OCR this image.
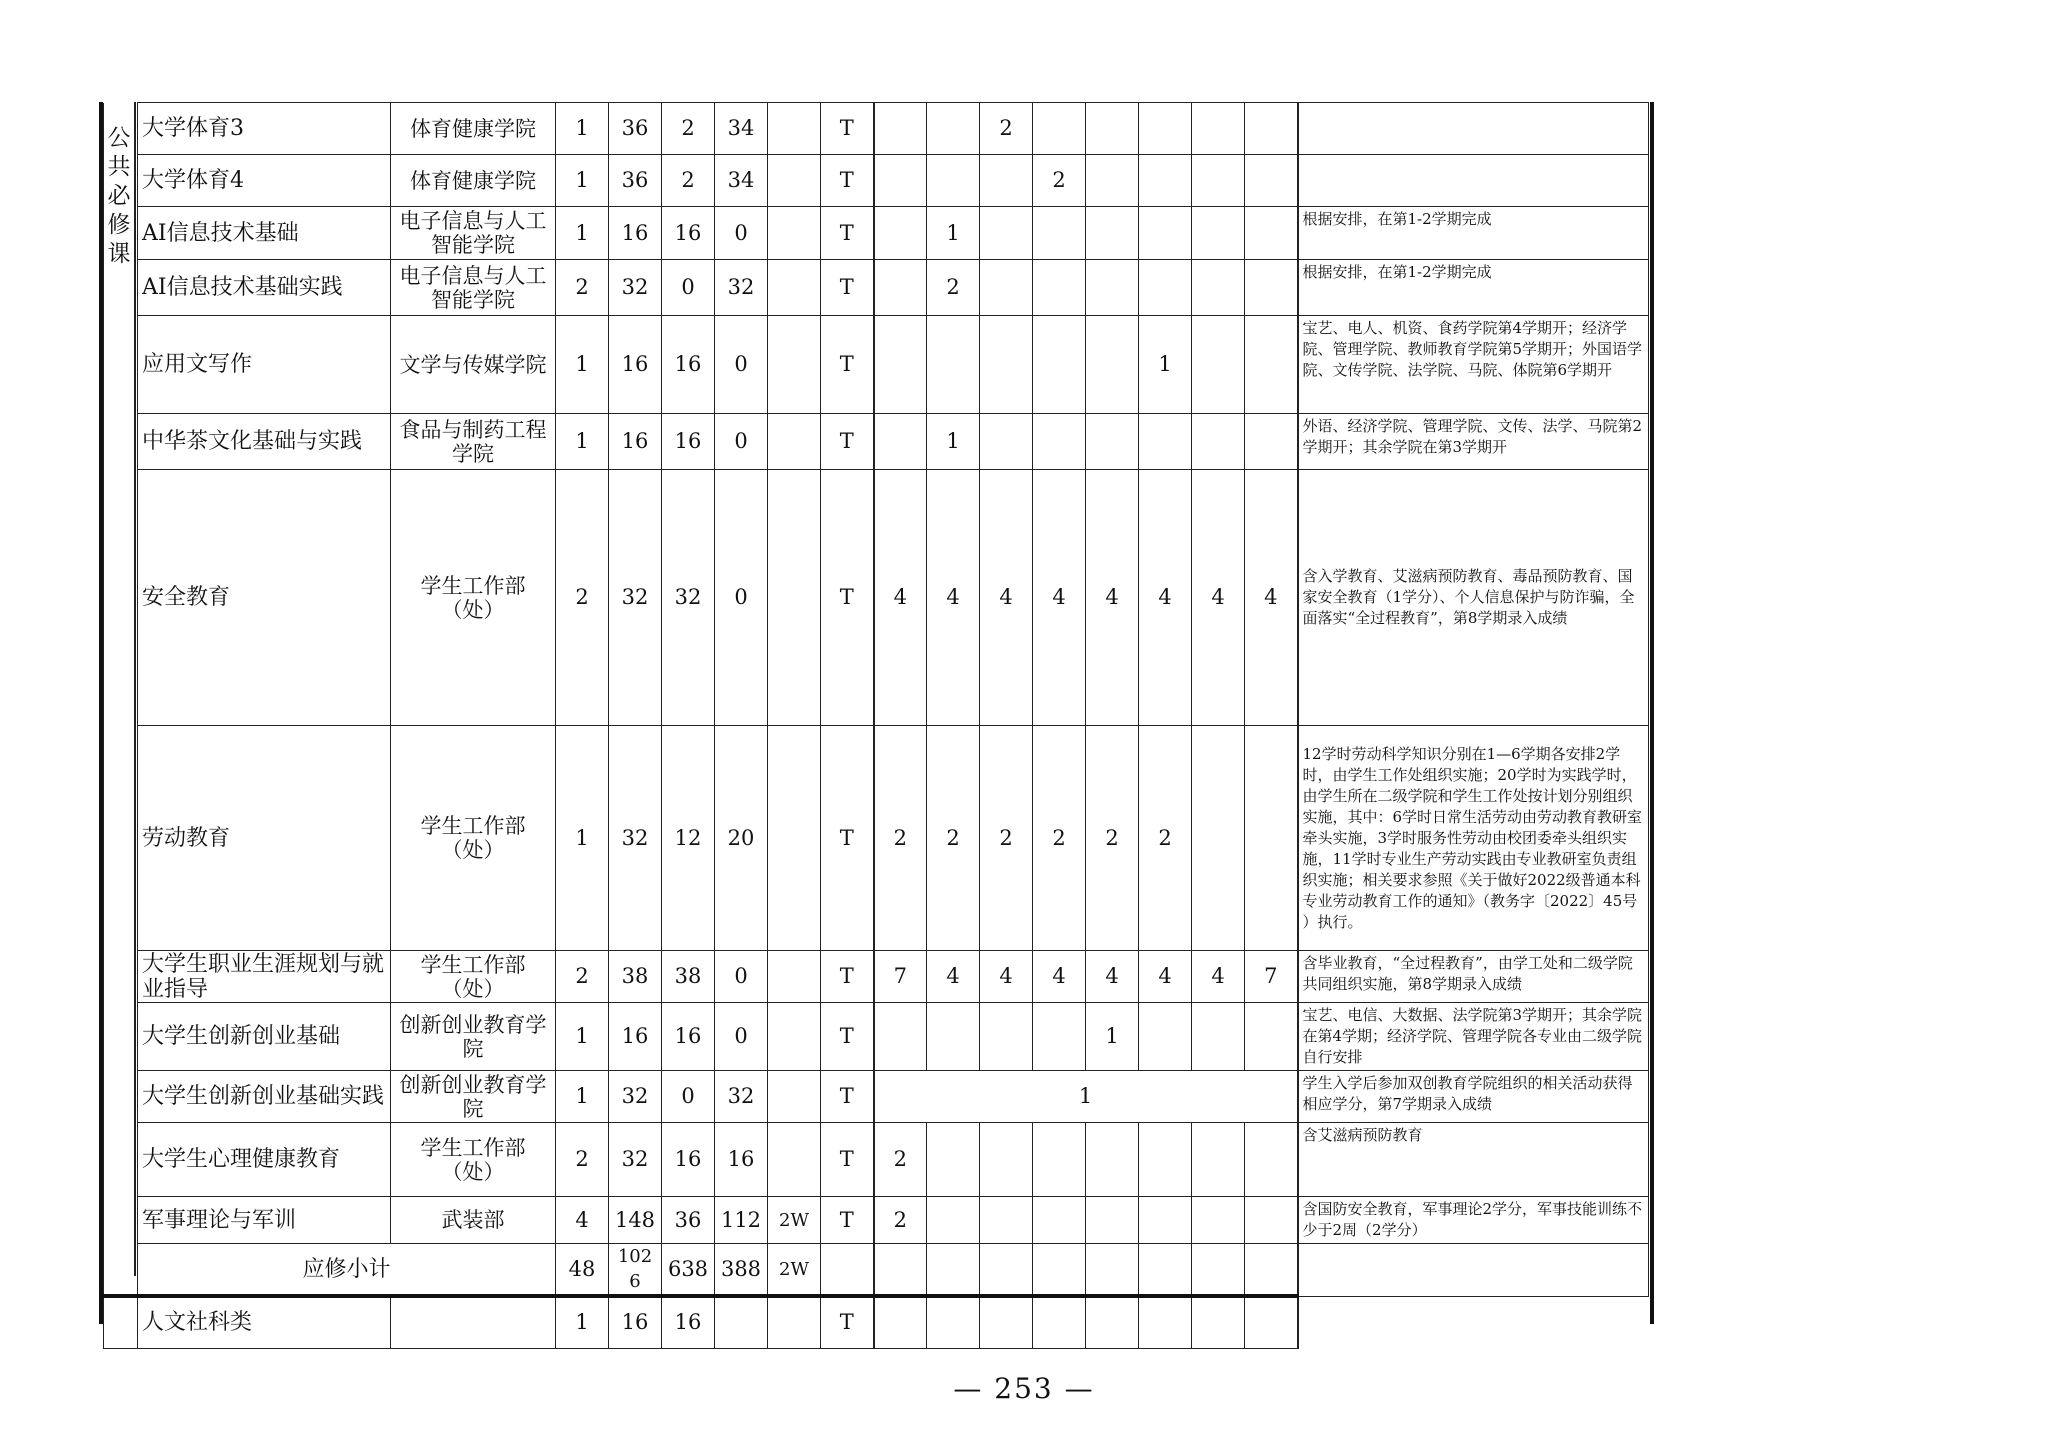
公共必修课
	大学体育3	体育健康学院	1	36	2	34		T			2						
	大学体育4	体育健康学院	1	36	2	34		T				2					
	AI信息技术基础	电子信息与人工智能学院	1	16	16	0		T		1							根据安排，在第1-2学期完成
	AI信息技术基础实践	电子信息与人工智能学院	2	32	0	32		T		2							根据安排，在第1-2学期完成
	应用文写作	文学与传媒学院	1	16	16	0		T						1			宝艺、电人、机资、食药学院第4学期开；经济学院、管理学院、教师教育学院第5学期开；外国语学院、文传学院、法学院、马院、体院第6学期开
	中华茶文化基础与实践	食品与制药工程学院	1	16	16	0		T		1							外语、经济学院、管理学院、文传、法学、马院第2学期开；其余学院在第3学期开
	安全教育	学生工作部（处）	2	32	32	0		T	4	4	4	4	4	4	4	4	含入学教育、艾滋病预防教育、毒品预防教育、国家安全教育（1学分）、个人信息保护与防诈骗，全面落实“全过程教育”，第8学期录入成绩
	劳动教育	学生工作部（处）	1	32	12	20		T	2	2	2	2	2	2			12学时劳动科学知识分别在1—6学期各安排2学时，由学生工作处组织实施；20学时为实践学时，由学生所在二级学院和学生工作处按计划分别组织实施，其中：6学时日常生活劳动由劳动教育教研室牵头实施，3学时服务性劳动由校团委牵头组织实施，11学时专业生产劳动实践由专业教研室负责组织实施；相关要求参照《关于做好2022级普通本科专业劳动教育工作的通知》（教务字〔2022〕45号 ）执行。
	大学生职业生涯规划与就业指导	学生工作部（处）	2	38	38	0		T	7	4	4	4	4	4	4	7	含毕业教育，“全过程教育”，由学工处和二级学院共同组织实施，第8学期录入成绩
	大学生创新创业基础	创新创业教育学院	1	16	16	0		T					1				宝艺、电信、大数据、法学院第3学期开；其余学院在第4学期；经济学院、管理学院各专业由二级学院自行安排
	大学生创新创业基础实践	创新创业教育学院	1	32	0	32		T	1								学生入学后参加双创教育学院组织的相关活动获得相应学分，第7学期录入成绩
	大学生心理健康教育	学生工作部（处）	2	32	16	16		T	2								含艾滋病预防教育
	军事理论与军训	武装部	4	148	36	112	2W	T	2								含国防安全教育，军事理论2学分，军事技能训练不少于2周（2学分）
	应修小计		48	1026	638	388	2W										
	人文社科类		1	16	16			T									
— 253 —
